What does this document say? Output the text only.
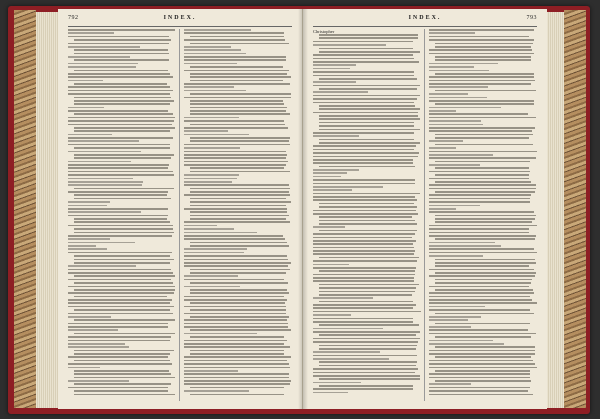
792	INDEX.	INDEX.	793
Christopher
